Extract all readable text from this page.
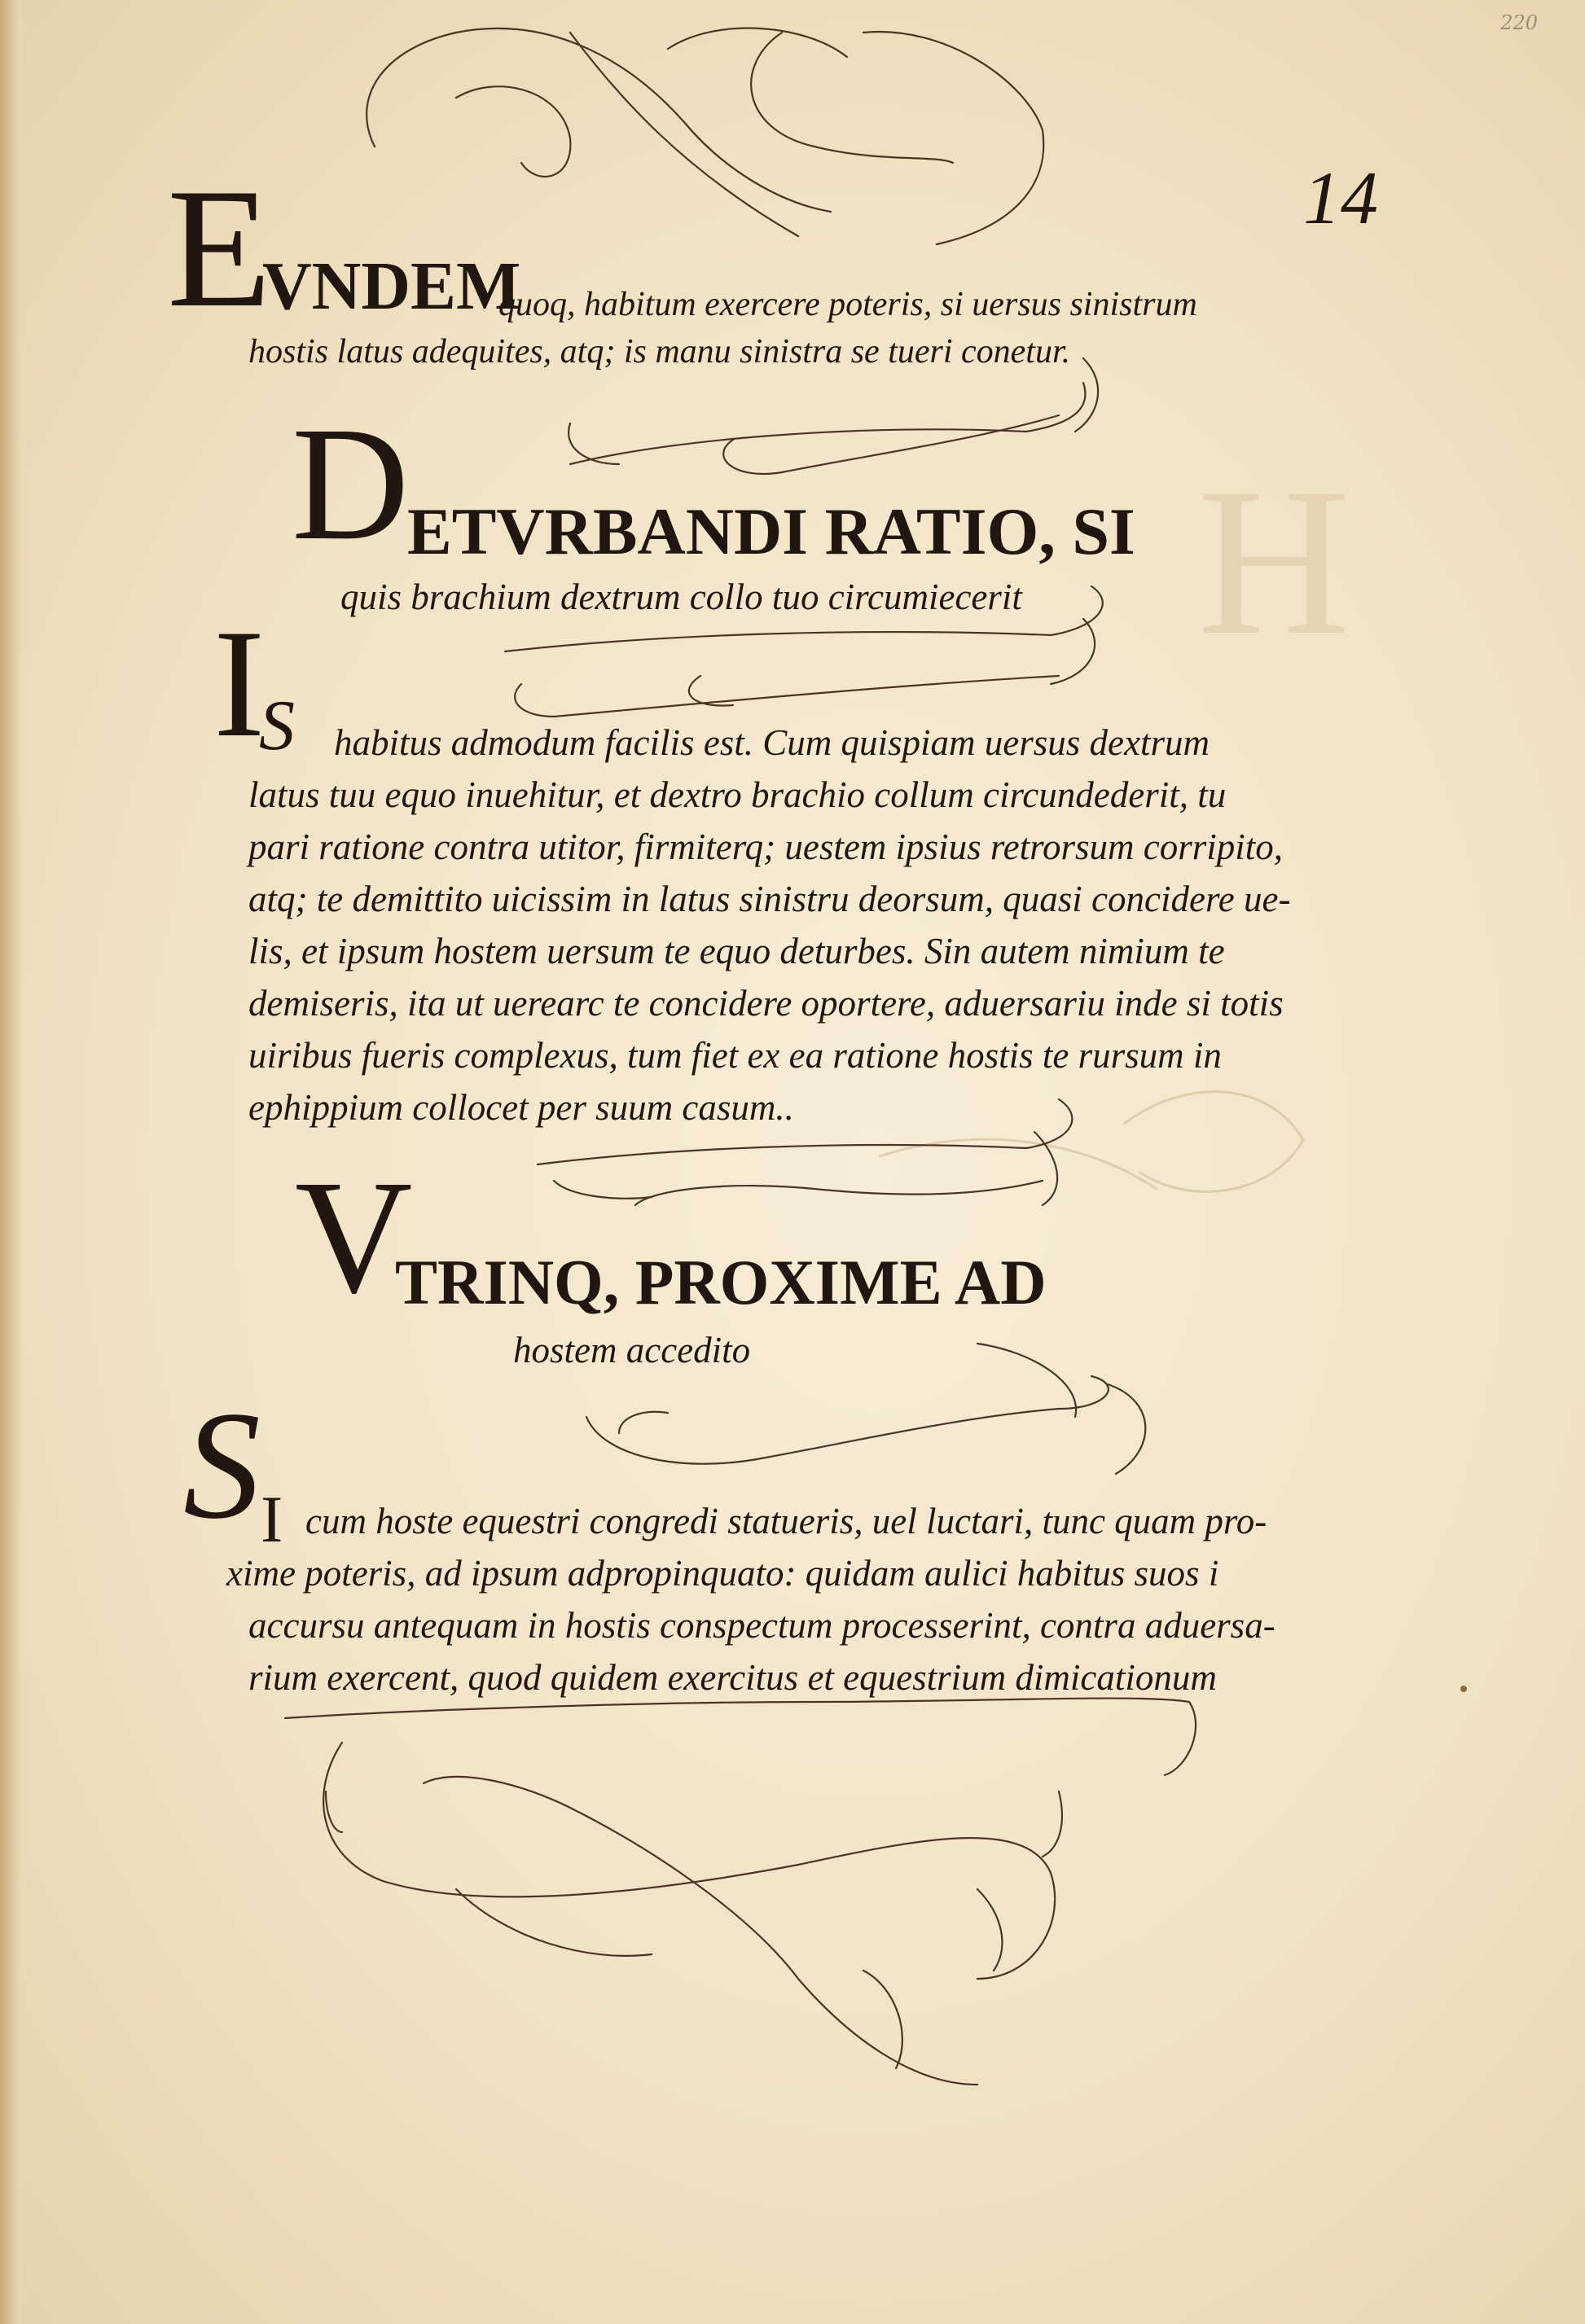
H
220
14
E
VNDEM
quoq, habitum exercere poteris, si uersus sinistrum
hostis latus adequites, atq; is manu sinistra se tueri conetur.
D
ETVRBANDI RATIO, SI
quis brachium dextrum collo tuo circumiecerit
I
S habitus admodum facilis est. Cum quispiam uersus dextrum
latus tuu equo inuehitur, et dextro brachio collum circundederit, tu
pari ratione contra utitor, firmiterq; uestem ipsius retrorsum corripito,
atq; te demittito uicissim in latus sinistru deorsum, quasi concidere ue-
lis, et ipsum hostem uersum te equo deturbes. Sin autem nimium te
demiseris, ita ut uerearc te concidere oportere, aduersariu inde si totis
uiribus fueris complexus, tum fiet ex ea ratione hostis te rursum in
ephippium collocet per suum casum..
V
TRINQ, PROXIME AD
hostem accedito
S I cum hoste equestri congredi statueris, uel luctari, tunc quam pro-
xime poteris, ad ipsum adpropinquato: quidam aulici habitus suos i
accursu antequam in hostis conspectum processerint, contra aduersa-
rium exercent, quod quidem exercitus et equestrium dimicationum
